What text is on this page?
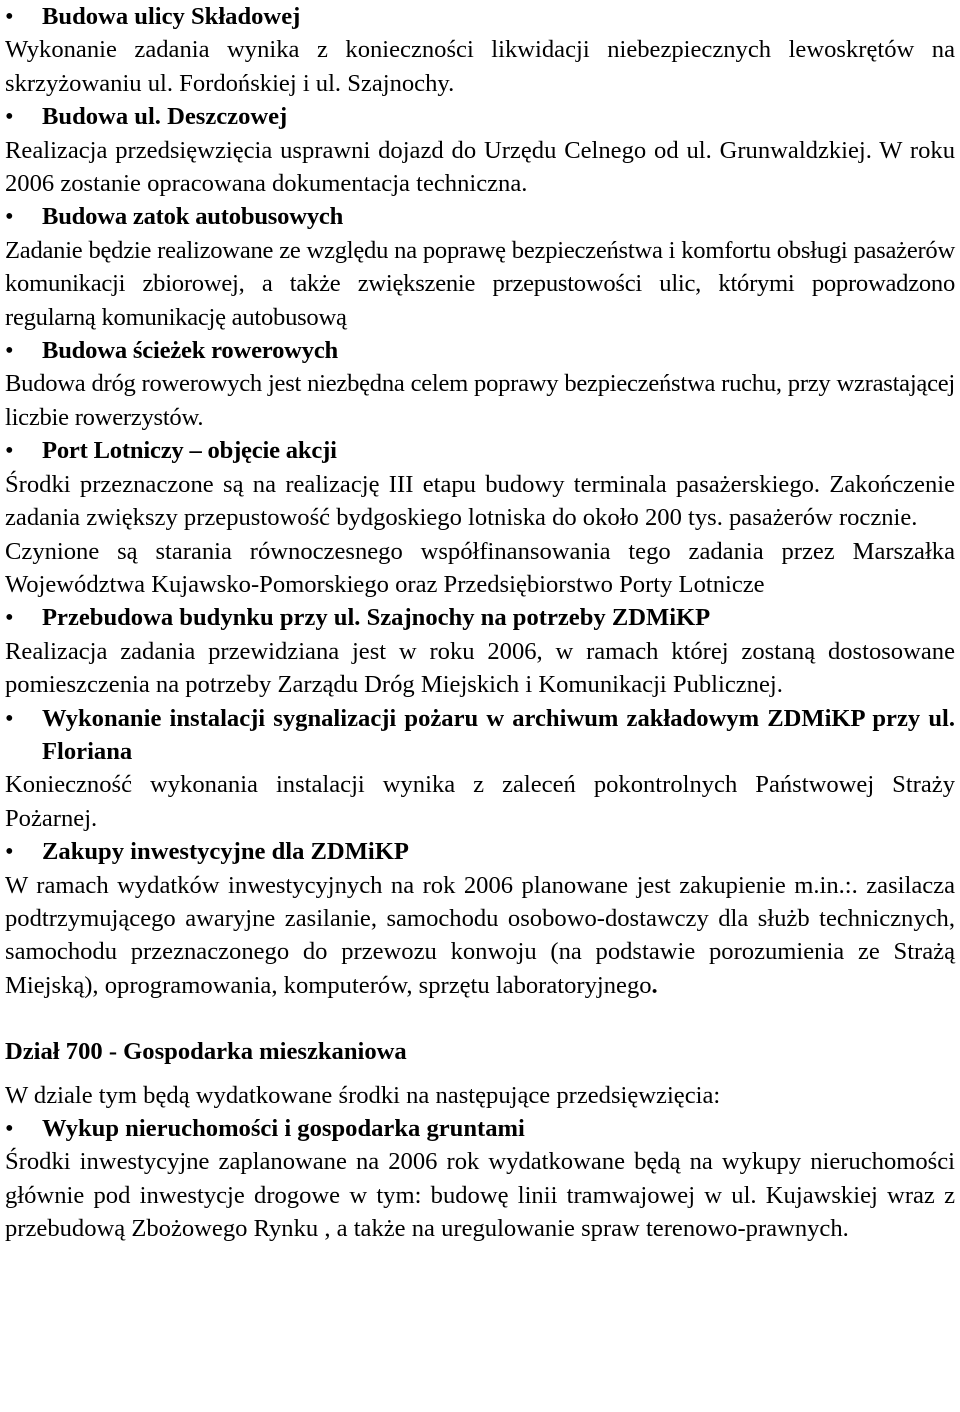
•	Budowa ulicy Składowej

Wykonanie zadania wynika z konieczności likwidacji niebezpiecznych lewoskrętów na skrzyżowaniu ul. Fordońskiej i ul. Szajnochy.

•	Budowa ul. Deszczowej

Realizacja przedsięwzięcia usprawni dojazd do Urzędu Celnego od ul. Grunwaldzkiej. W roku 2006 zostanie opracowana dokumentacja techniczna.

•	Budowa zatok autobusowych

Zadanie będzie realizowane ze względu na poprawę bezpieczeństwa i komfortu obsługi pasażerów komunikacji zbiorowej, a także zwiększenie przepustowości ulic, którymi poprowadzono regularną komunikację autobusową

•	Budowa ścieżek rowerowych

Budowa dróg rowerowych jest niezbędna celem poprawy bezpieczeństwa ruchu, przy wzrastającej liczbie rowerzystów.

•	Port Lotniczy – objęcie akcji

Środki przeznaczone są na realizację III etapu budowy terminala pasażerskiego. Zakończenie zadania zwiększy przepustowość bydgoskiego lotniska do około 200 tys. pasażerów rocznie.

Czynione są starania równoczesnego współfinansowania tego zadania przez Marszałka Województwa Kujawsko-Pomorskiego oraz Przedsiębiorstwo Porty Lotnicze

•	Przebudowa budynku przy ul. Szajnochy na potrzeby ZDMiKP

Realizacja zadania przewidziana jest w roku 2006, w ramach której zostaną dostosowane pomieszczenia na potrzeby Zarządu Dróg Miejskich i Komunikacji Publicznej.

•	Wykonanie instalacji sygnalizacji pożaru w archiwum zakładowym ZDMiKP przy ul. Floriana

Konieczność wykonania instalacji wynika z zaleceń pokontrolnych Państwowej Straży Pożarnej.

•	Zakupy inwestycyjne dla ZDMiKP

W ramach wydatków inwestycyjnych na rok 2006 planowane jest zakupienie m.in.:. zasilacza podtrzymującego awaryjne zasilanie, samochodu osobowo-dostawczy dla służb technicznych, samochodu przeznaczonego do przewozu konwoju (na podstawie porozumienia ze Strażą Miejską), oprogramowania, komputerów, sprzętu laboratoryjnego.

Dział 700 - Gospodarka mieszkaniowa
W dziale tym będą wydatkowane środki na następujące przedsięwzięcia:
•	Wykup nieruchomości i gospodarka gruntami

Środki inwestycyjne zaplanowane na 2006 rok wydatkowane będą na wykupy nieruchomości głównie pod inwestycje drogowe w tym: budowę linii tramwajowej w ul. Kujawskiej wraz z przebudową Zbożowego Rynku , a także na uregulowanie spraw terenowo-prawnych.
